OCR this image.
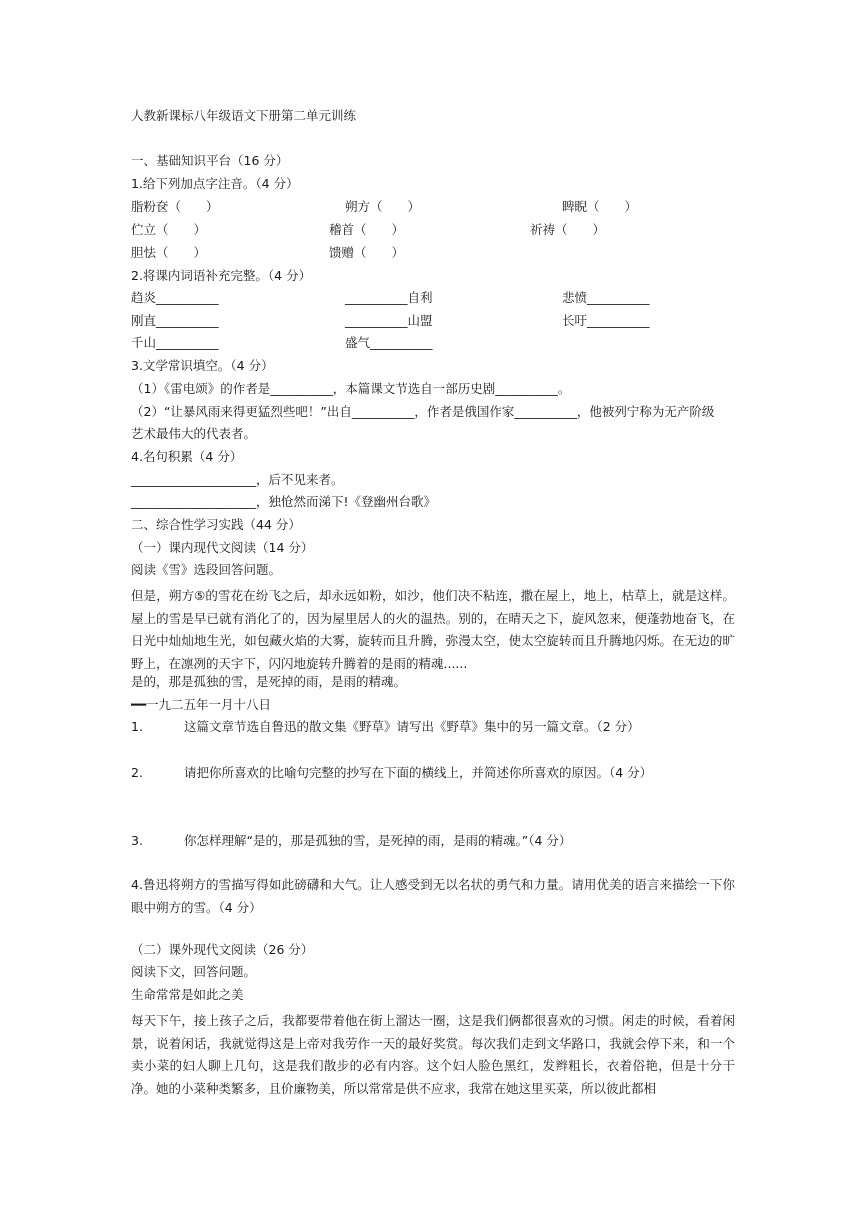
人教新课标八年级语文下册第二单元训练
一、基础知识平台（16 分）
1.给下列加点字注音。（4 分）
脂粉奁（　　）	朔方（　　）	睥睨（　　）
伫立（　　）	稽首（　　）	祈祷（　　）
胆怯（　　）	馈赠（　　）
2.将课内词语补充完整。（4 分）
趋炎__________	__________自利	悲愤__________
刚直__________	__________山盟	长吁__________
千山__________	盛气__________
3.文学常识填空。（4 分）
（1）《雷电颂》的作者是__________，本篇课文节选自一部历史剧__________。
（2）“让暴风雨来得更猛烈些吧！”出自__________，作者是俄国作家__________，他被列宁称为无产阶级
艺术最伟大的代表者。
4.名句积累（4 分）
____________________，后不见来者。
____________________，独怆然而涕下!《登幽州台歌》
二、综合性学习实践（44 分）
（一）课内现代文阅读（14 分）
阅读《雪》选段回答问题。
但是，朔方⑤的雪花在纷飞之后，却永远如粉，如沙，他们决不粘连，撒在屋上，地上，枯草上，就是这样。屋上的雪是早已就有消化了的，因为屋里居人的火的温热。别的，在晴天之下，旋风忽来，便蓬勃地奋飞，在日光中灿灿地生光，如包藏火焰的大雾，旋转而且升腾，弥漫太空，使太空旋转而且升腾地闪烁。在无边的旷野上，在凛冽的天宇下，闪闪地旋转升腾着的是雨的精魂......
是的，那是孤独的雪，是死掉的雨，是雨的精魂。
━━一九二五年一月十八日
1.	这篇文章节选自鲁迅的散文集《野草》请写出《野草》集中的另一篇文章。（2 分）
2.	请把你所喜欢的比喻句完整的抄写在下面的横线上，并简述你所喜欢的原因。（4 分）
3.	你怎样理解“是的，那是孤独的雪，是死掉的雨，是雨的精魂。”（4 分）
4.鲁迅将朔方的雪描写得如此磅礴和大气。让人感受到无以名状的勇气和力量。请用优美的语言来描绘一下你眼中朔方的雪。（4 分）
（二）课外现代文阅读（26 分）
阅读下文，回答问题。
生命常常是如此之美
每天下午，接上孩子之后，我都要带着他在街上溜达一圈，这是我们俩都很喜欢的习惯。闲走的时候，看着闲景，说着闲话，我就觉得这是上帝对我劳作一天的最好奖赏。每次我们走到文华路口，我就会停下来，和一个卖小菜的妇人聊上几句，这是我们散步的必有内容。这个妇人脸色黑红，发辫粗长，衣着俗艳，但是十分干净。她的小菜种类繁多，且价廉物美，所以常常是供不应求，我常在她这里买菜，所以彼此都相
